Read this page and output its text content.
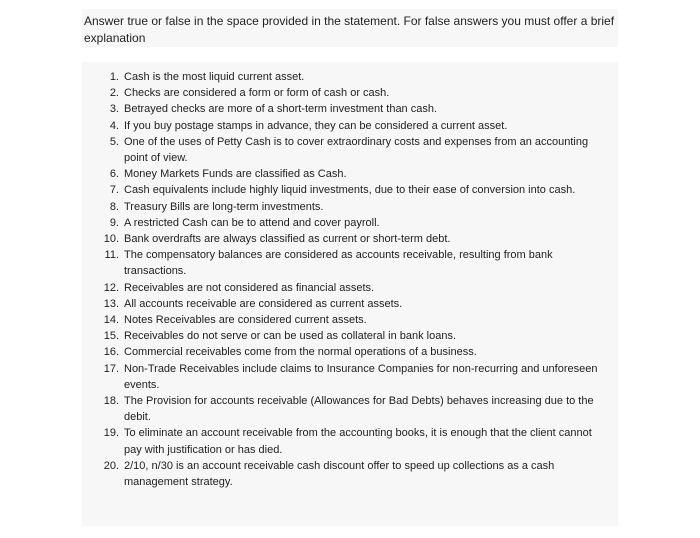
Answer true or false in the space provided in the statement. For false answers you must offer a brief explanation
1. Cash is the most liquid current asset.
2. Checks are considered a form or form of cash or cash.
3. Betrayed checks are more of a short-term investment than cash.
4. If you buy postage stamps in advance, they can be considered a current asset.
5. One of the uses of Petty Cash is to cover extraordinary costs and expenses from an accounting point of view.
6. Money Markets Funds are classified as Cash.
7. Cash equivalents include highly liquid investments, due to their ease of conversion into cash.
8. Treasury Bills are long-term investments.
9. A restricted Cash can be to attend and cover payroll.
10. Bank overdrafts are always classified as current or short-term debt.
11. The compensatory balances are considered as accounts receivable, resulting from bank transactions.
12. Receivables are not considered as financial assets.
13. All accounts receivable are considered as current assets.
14. Notes Receivables are considered current assets.
15. Receivables do not serve or can be used as collateral in bank loans.
16. Commercial receivables come from the normal operations of a business.
17. Non-Trade Receivables include claims to Insurance Companies for non-recurring and unforeseen events.
18. The Provision for accounts receivable (Allowances for Bad Debts) behaves increasing due to the debit.
19. To eliminate an account receivable from the accounting books, it is enough that the client cannot pay with justification or has died.
20. 2/10, n/30 is an account receivable cash discount offer to speed up collections as a cash management strategy.
